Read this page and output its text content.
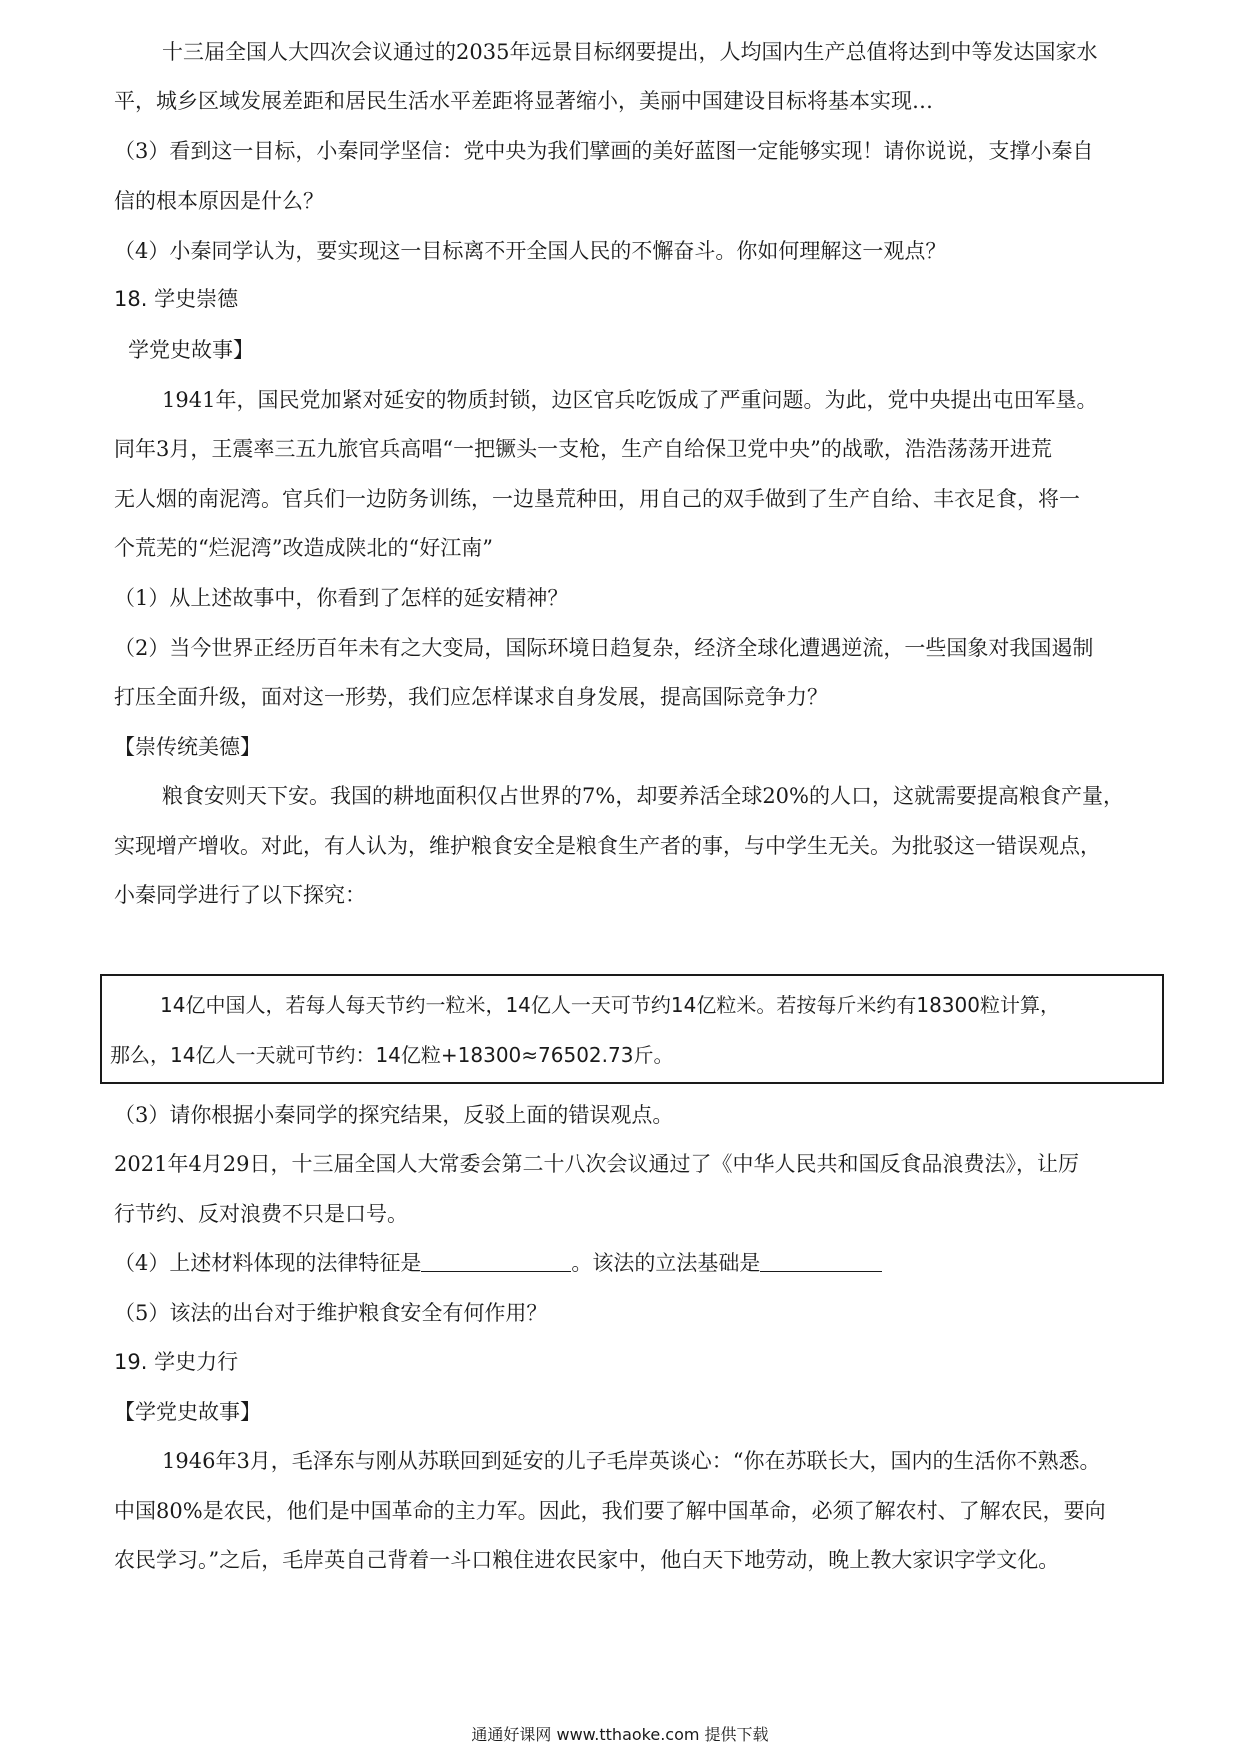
十三届全国人大四次会议通过的2035年远景目标纲要提出，人均国内生产总值将达到中等发达国家水
平，城乡区域发展差距和居民生活水平差距将显著缩小，美丽中国建设目标将基本实现…
（3）看到这一目标，小秦同学坚信：党中央为我们擘画的美好蓝图一定能够实现！请你说说，支撑小秦自
信的根本原因是什么？
（4）小秦同学认为，要实现这一目标离不开全国人民的不懈奋斗。你如何理解这一观点？
18. 学史崇德
学党史故事】
1941年，国民党加紧对延安的物质封锁，边区官兵吃饭成了严重问题。为此，党中央提出屯田军垦。
同年3月，王震率三五九旅官兵高唱“一把镢头一支枪，生产自给保卫党中央”的战歌，浩浩荡荡开进荒
无人烟的南泥湾。官兵们一边防务训练，一边垦荒种田，用自己的双手做到了生产自给、丰衣足食，将一
个荒芜的“烂泥湾”改造成陕北的“好江南”
（1）从上述故事中，你看到了怎样的延安精神？
（2）当今世界正经历百年未有之大变局，国际环境日趋复杂，经济全球化遭遇逆流，一些国象对我国遏制
打压全面升级，面对这一形势，我们应怎样谋求自身发展，提高国际竞争力？
【崇传统美德】
粮食安则天下安。我国的耕地面积仅占世界的7%，却要养活全球20%的人口，这就需要提高粮食产量，
实现增产增收。对此，有人认为，维护粮食安全是粮食生产者的事，与中学生无关。为批驳这一错误观点，
小秦同学进行了以下探究：
14亿中国人，若每人每天节约一粒米，14亿人一天可节约14亿粒米。若按每斤米约有18300粒计算，
那么，14亿人一天就可节约：14亿粒+18300≈76502.73斤。
（3）请你根据小秦同学的探究结果，反驳上面的错误观点。
2021年4月29日，十三届全国人大常委会第二十八次会议通过了《中华人民共和国反食品浪费法》，让厉
行节约、反对浪费不只是口号。
（4）上述材料体现的法律特征是	。该法的立法基础是
（5）该法的出台对于维护粮食安全有何作用？
19. 学史力行
【学党史故事】
1946年3月，毛泽东与刚从苏联回到延安的儿子毛岸英谈心：“你在苏联长大，国内的生活你不熟悉。
中国80%是农民，他们是中国革命的主力军。因此，我们要了解中国革命，必须了解农村、了解农民，要向
农民学习。”之后，毛岸英自己背着一斗口粮住进农民家中，他白天下地劳动，晚上教大家识字学文化。
通通好课网 www.tthaoke.com 提供下载
